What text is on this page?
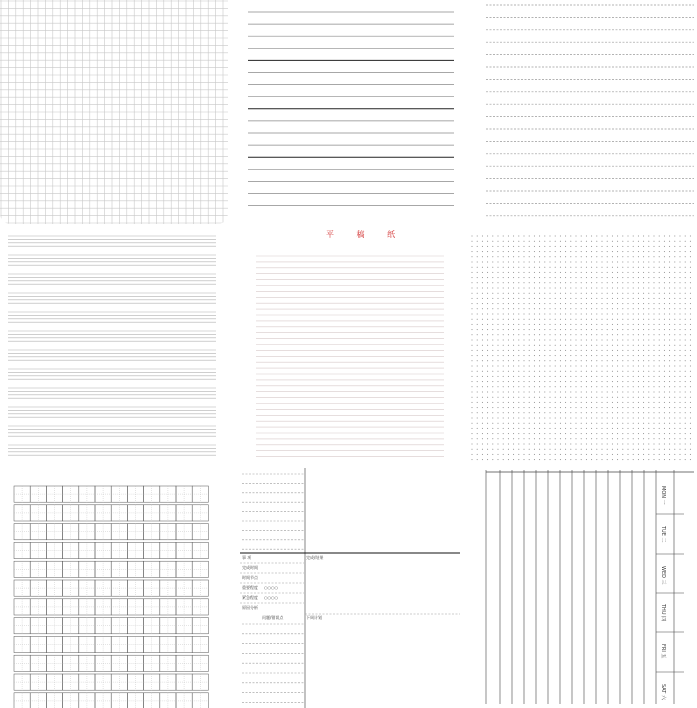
平 稿 纸
事 项	完成/结果
完成时间
时间节点
重要程度 ○○○○
紧急程度 ○○○○
原因分析
问题/错误点	下周计划
MON 一
TUE 二
WED 三
THU 四
FRI 五
SAT 六
